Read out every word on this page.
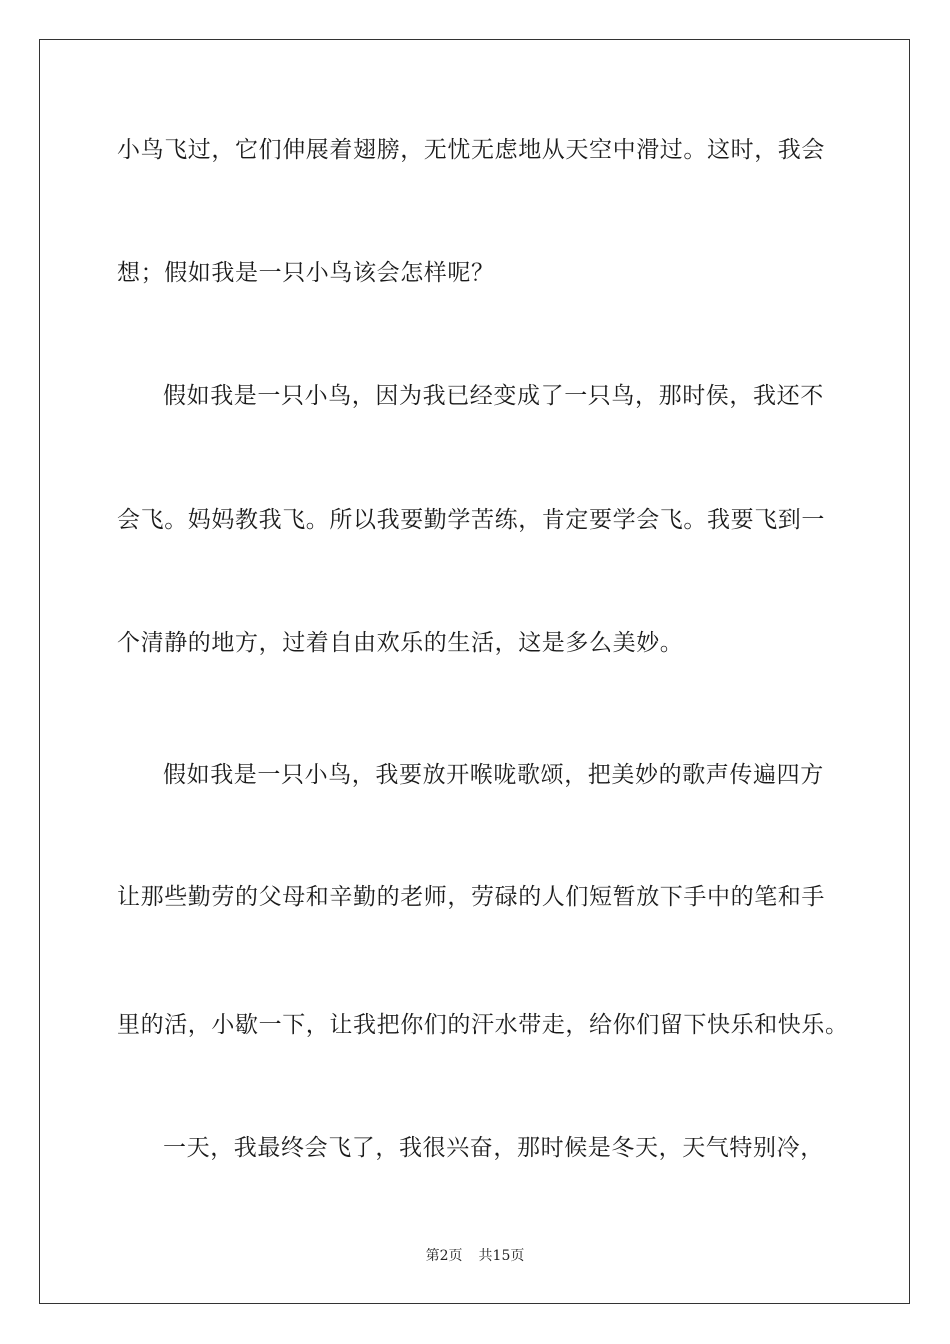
小鸟飞过，它们伸展着翅膀，无忧无虑地从天空中滑过。这时，我会
想；假如我是一只小鸟该会怎样呢？
假如我是一只小鸟，因为我已经变成了一只鸟，那时侯，我还不
会飞。妈妈教我飞。所以我要勤学苦练，肯定要学会飞。我要飞到一
个清静的地方，过着自由欢乐的生活，这是多么美妙。
假如我是一只小鸟，我要放开喉咙歌颂，把美妙的歌声传遍四方
让那些勤劳的父母和辛勤的老师，劳碌的人们短暂放下手中的笔和手
里的活，小歇一下，让我把你们的汗水带走，给你们留下快乐和快乐。
一天，我最终会飞了，我很兴奋，那时候是冬天，天气特别冷，
第2页 共15页
